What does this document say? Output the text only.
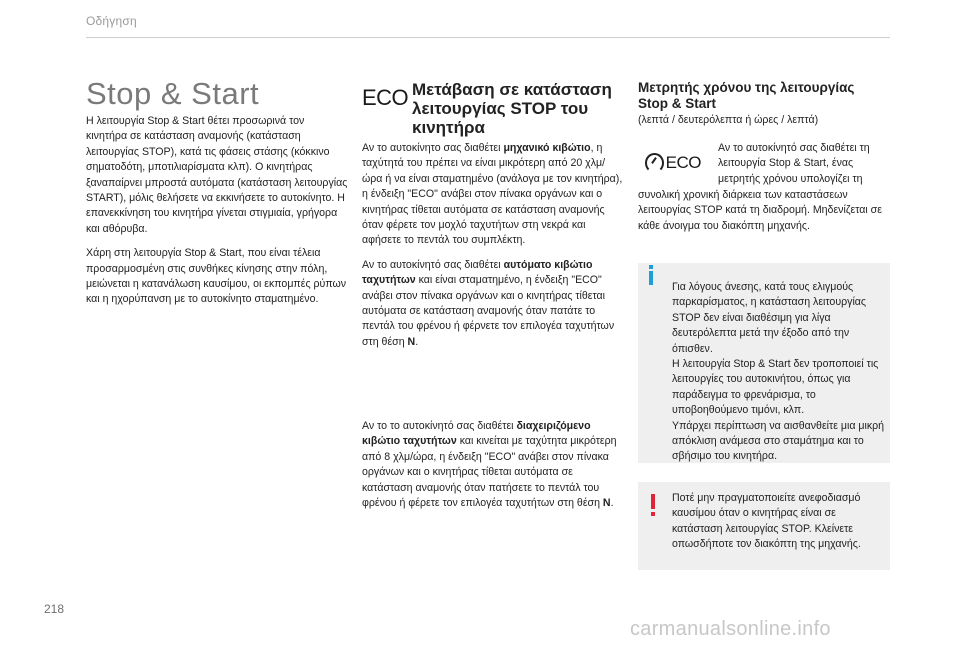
Οδήγηση
Stop & Start

Η λειτουργία Stop & Start θέτει προσωρινά τον κινητήρα σε κατάσταση αναμονής (κατάσταση λειτουργίας STOP), κατά τις φάσεις στάσης (κόκκινο σηματοδότη, μποτιλιαρίσματα κλπ). Ο κινητήρας ξαναπαίρνει μπροστά αυτόματα (κατάσταση λειτουργίας START), μόλις θελήσετε να εκκινήσετε το αυτοκίνητο. Η επανεκκίνηση του κινητήρα γίνεται στιγμιαία, γρήγορα και αθόρυβα.

Χάρη στη λειτουργία Stop & Start, που είναι τέλεια προσαρμοσμένη στις συνθήκες κίνησης στην πόλη, μειώνεται η κατανάλωση καυσίμου, οι εκπομπές ρύπων και η ηχορύπανση με το αυτοκίνητο σταματημένο.

ECO Μετάβαση σε κατάσταση λειτουργίας STOP του κινητήρα

Αν το αυτοκίνητο σας διαθέτει μηχανικό κιβώτιο, η ταχύτητά του πρέπει να είναι μικρότερη από 20 χλμ/ώρα ή να είναι σταματημένο (ανάλογα με τον κινητήρα), η ένδειξη "ECO" ανάβει στον πίνακα οργάνων και ο κινητήρας τίθεται αυτόματα σε κατάσταση αναμονής όταν φέρετε τον μοχλό ταχυτήτων στη νεκρά και αφήσετε το πεντάλ του συμπλέκτη.

Αν το αυτοκίνητό σας διαθέτει αυτόματο κιβώτιο ταχυτήτων και είναι σταματημένο, η ένδειξη "ECO" ανάβει στον πίνακα οργάνων και ο κινητήρας τίθεται αυτόματα σε κατάσταση αναμονής όταν πατάτε το πεντάλ του φρένου ή φέρνετε τον επιλογέα ταχυτήτων στη θέση N.

Αν το το αυτοκίνητό σας διαθέτει διαχειριζόμενο κιβώτιο ταχυτήτων και κινείται με ταχύτητα μικρότερη από 8 χλμ/ώρα, η ένδειξη "ECO" ανάβει στον πίνακα οργάνων και ο κινητήρας τίθεται αυτόματα σε κατάσταση αναμονής όταν πατήσετε το πεντάλ του φρένου ή φέρετε τον επιλογέα ταχυτήτων στη θέση N.

Μετρητής χρόνου της λειτουργίας Stop & Start
(λεπτά / δευτερόλεπτα ή ώρες / λεπτά)
ECO
Αν το αυτοκίνητό σας διαθέτει τη λειτουργία Stop & Start, ένας μετρητής χρόνου υπολογίζει τη
συνολική χρονική διάρκεια των καταστάσεων λειτουργίας STOP κατά τη διαδρομή. Μηδενίζεται σε κάθε άνοιγμα του διακόπτη μηχανής.
Για λόγους άνεσης, κατά τους ελιγμούς παρκαρίσματος, η κατάσταση λειτουργίας STOP δεν είναι διαθέσιμη για λίγα δευτερόλεπτα μετά την έξοδο από την όπισθεν.
Η λειτουργία Stop & Start δεν τροποποιεί τις λειτουργίες του αυτοκινήτου, όπως για παράδειγμα το φρενάρισμα, το υποβοηθούμενο τιμόνι, κλπ.
Υπάρχει περίπτωση να αισθανθείτε μια μικρή απόκλιση ανάμεσα στο σταμάτημα και το σβήσιμο του κινητήρα.
Ποτέ μην πραγματοποιείτε ανεφοδιασμό καυσίμου όταν ο κινητήρας είναι σε κατάσταση λειτουργίας STOP. Κλείνετε οπωσδήποτε τον διακόπτη της μηχανής.
218
carmanualsonline.info
